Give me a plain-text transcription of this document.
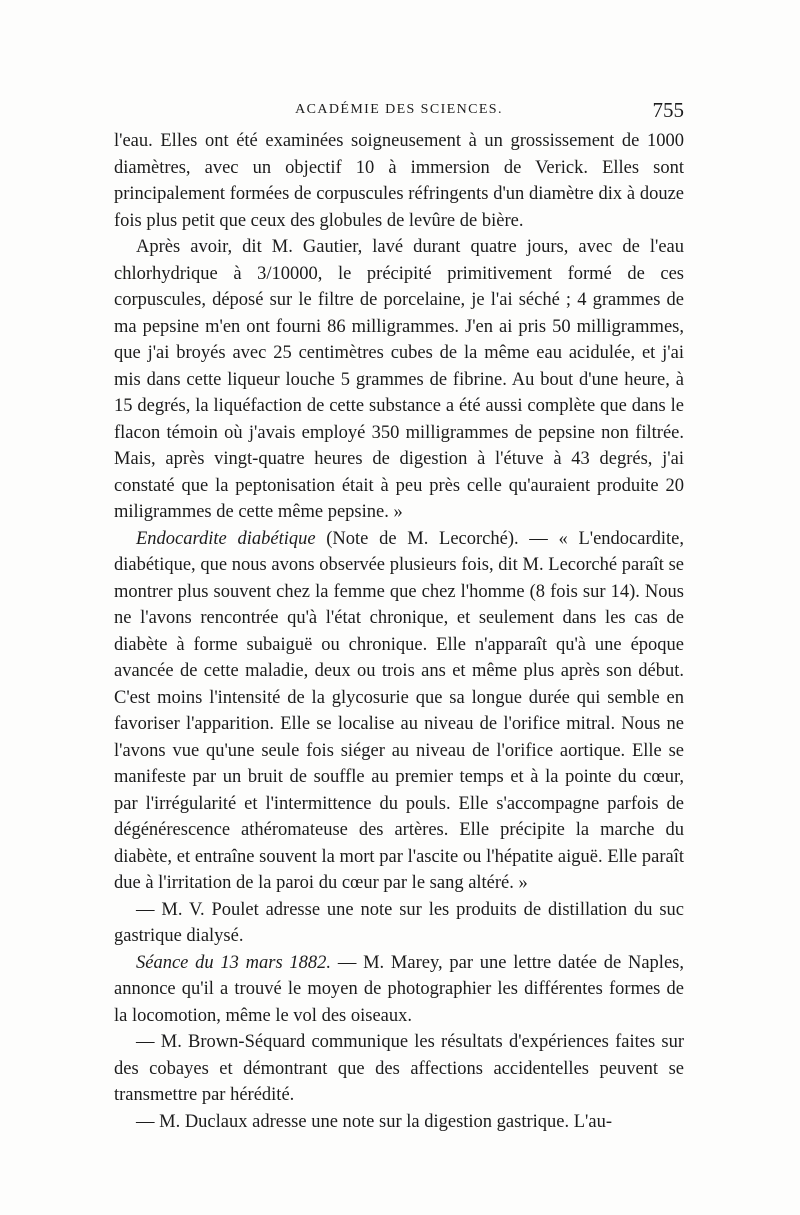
ACADÉMIE DES SCIENCES.	755

l'eau. Elles ont été examinées soigneusement à un grossissement de 1000 diamètres, avec un objectif 10 à immersion de Verick. Elles sont principalement formées de corpuscules réfringents d'un diamètre dix à douze fois plus petit que ceux des globules de levûre de bière.

Après avoir, dit M. Gautier, lavé durant quatre jours, avec de l'eau chlorhydrique à 3/10000, le précipité primitivement formé de ces corpuscules, déposé sur le filtre de porcelaine, je l'ai séché ; 4 grammes de ma pepsine m'en ont fourni 86 milligrammes. J'en ai pris 50 milligrammes, que j'ai broyés avec 25 centimètres cubes de la même eau acidulée, et j'ai mis dans cette liqueur louche 5 grammes de fibrine. Au bout d'une heure, à 15 degrés, la liquéfaction de cette substance a été aussi complète que dans le flacon témoin où j'avais employé 350 milligrammes de pepsine non filtrée. Mais, après vingt-quatre heures de digestion à l'étuve à 43 degrés, j'ai constaté que la peptonisation était à peu près celle qu'auraient produite 20 miligrammes de cette même pepsine. »

Endocardite diabétique (Note de M. Lecorché). — « L'endocardite, diabétique, que nous avons observée plusieurs fois, dit M. Lecorché paraît se montrer plus souvent chez la femme que chez l'homme (8 fois sur 14). Nous ne l'avons rencontrée qu'à l'état chronique, et seulement dans les cas de diabète à forme subaiguë ou chronique. Elle n'apparaît qu'à une époque avancée de cette maladie, deux ou trois ans et même plus après son début. C'est moins l'intensité de la glycosurie que sa longue durée qui semble en favoriser l'apparition. Elle se localise au niveau de l'orifice mitral. Nous ne l'avons vue qu'une seule fois siéger au niveau de l'orifice aortique. Elle se manifeste par un bruit de souffle au premier temps et à la pointe du cœur, par l'irrégularité et l'intermittence du pouls. Elle s'accompagne parfois de dégénérescence athéromateuse des artères. Elle précipite la marche du diabète, et entraîne souvent la mort par l'ascite ou l'hépatite aiguë. Elle paraît due à l'irritation de la paroi du cœur par le sang altéré. »

— M. V. Poulet adresse une note sur les produits de distillation du suc gastrique dialysé.

Séance du 13 mars 1882. — M. Marey, par une lettre datée de Naples, annonce qu'il a trouvé le moyen de photographier les différentes formes de la locomotion, même le vol des oiseaux.

— M. Brown-Séquard communique les résultats d'expériences faites sur des cobayes et démontrant que des affections accidentelles peuvent se transmettre par hérédité.

— M. Duclaux adresse une note sur la digestion gastrique. L'au-
